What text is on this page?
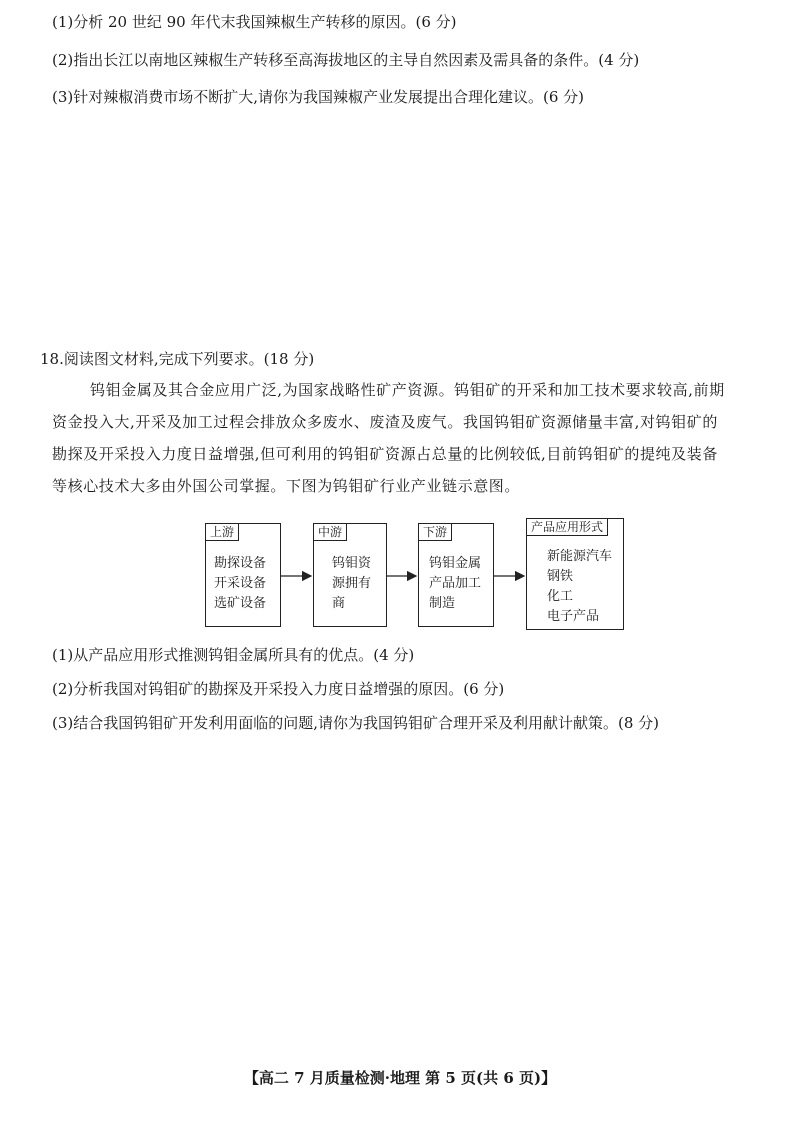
(1)分析 20 世纪 90 年代末我国辣椒生产转移的原因。(6 分)
(2)指出长江以南地区辣椒生产转移至高海拔地区的主导自然因素及需具备的条件。(4 分)
(3)针对辣椒消费市场不断扩大,请你为我国辣椒产业发展提出合理化建议。(6 分)
18.阅读图文材料,完成下列要求。(18 分)

钨钼金属及其合金应用广泛,为国家战略性矿产资源。钨钼矿的开采和加工技术要求较高,前期

资金投入大,开采及加工过程会排放众多废水、废渣及废气。我国钨钼矿资源储量丰富,对钨钼矿的

勘探及开采投入力度日益增强,但可利用的钨钼矿资源占总量的比例较低,目前钨钼矿的提纯及装备

等核心技术大多由外国公司掌握。下图为钨钼矿行业产业链示意图。

上游
勘探设备
开采设备
选矿设备
中游
钨钼资
源拥有
商
下游
钨钼金属
产品加工
制造
产品应用形式
新能源汽车
钢铁
化工
电子产品
(1)从产品应用形式推测钨钼金属所具有的优点。(4 分)
(2)分析我国对钨钼矿的勘探及开采投入力度日益增强的原因。(6 分)
(3)结合我国钨钼矿开发利用面临的问题,请你为我国钨钼矿合理开采及利用献计献策。(8 分)
【高二 7 月质量检测·地理 第 5 页(共 6 页)】
